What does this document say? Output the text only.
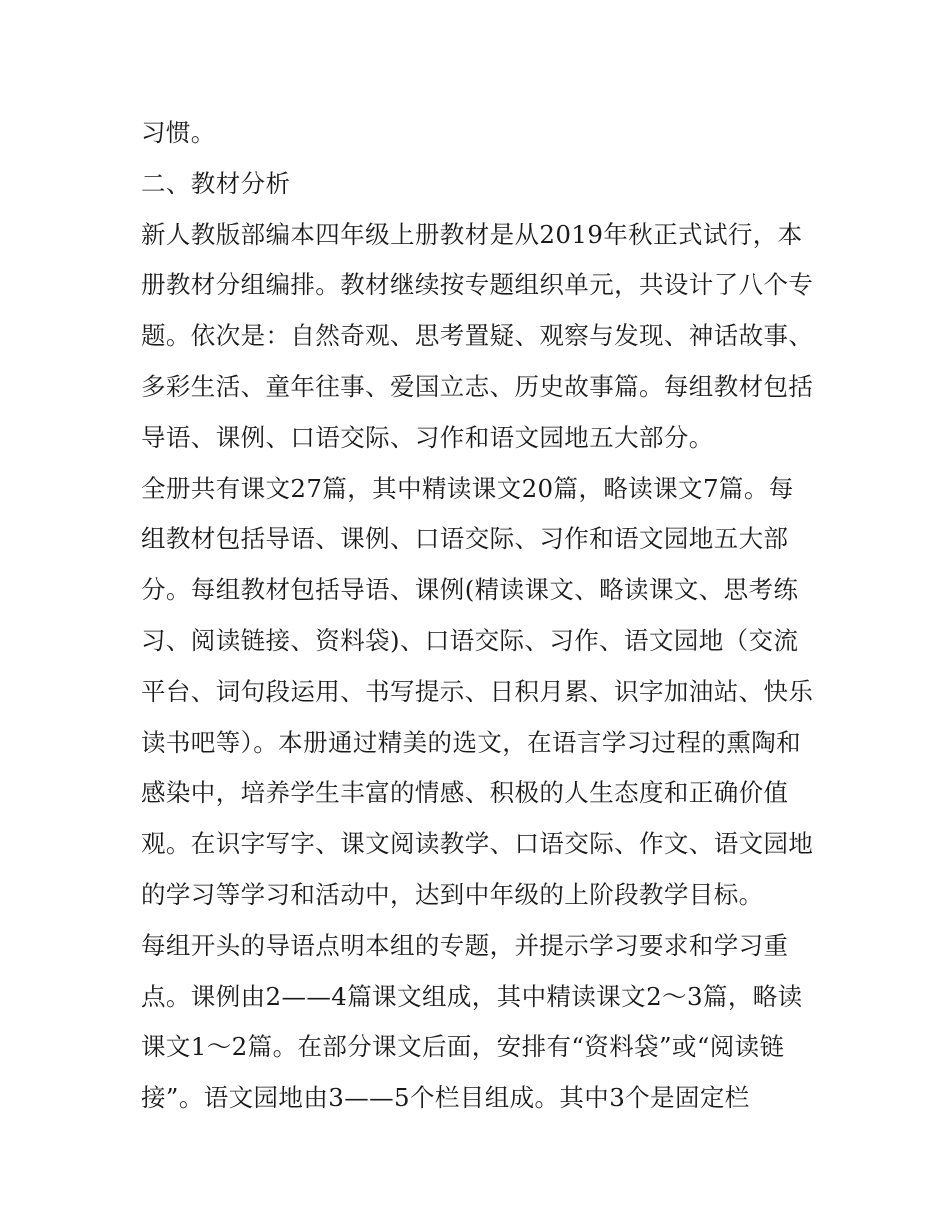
习惯。
二、教材分析
新人教版部编本四年级上册教材是从2019年秋正式试行，本
册教材分组编排。教材继续按专题组织单元，共设计了八个专
题。依次是：自然奇观、思考置疑、观察与发现、神话故事、
多彩生活、童年往事、爱国立志、历史故事篇。每组教材包括
导语、课例、口语交际、习作和语文园地五大部分。
全册共有课文27篇，其中精读课文20篇，略读课文7篇。每
组教材包括导语、课例、口语交际、习作和语文园地五大部
分。每组教材包括导语、课例(精读课文、略读课文、思考练
习、阅读链接、资料袋)、口语交际、习作、语文园地（交流
平台、词句段运用、书写提示、日积月累、识字加油站、快乐
读书吧等）。本册通过精美的选文，在语言学习过程的熏陶和
感染中，培养学生丰富的情感、积极的人生态度和正确价值
观。在识字写字、课文阅读教学、口语交际、作文、语文园地
的学习等学习和活动中，达到中年级的上阶段教学目标。
每组开头的导语点明本组的专题，并提示学习要求和学习重
点。课例由2——4篇课文组成，其中精读课文2～3篇，略读
课文1～2篇。在部分课文后面，安排有“资料袋”或“阅读链
接”。语文园地由3——5个栏目组成。其中3个是固定栏
